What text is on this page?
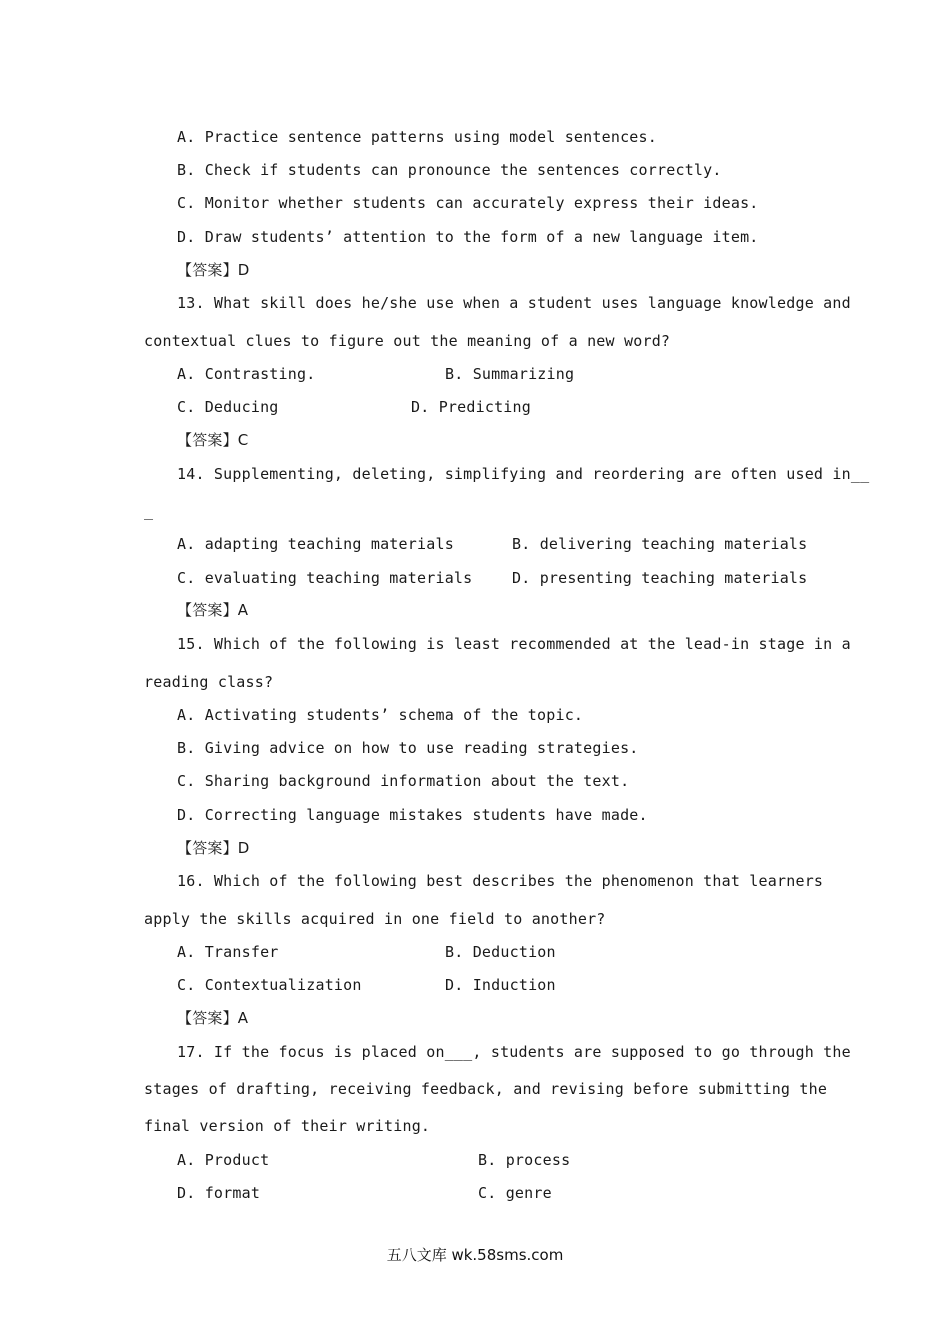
A. Practice sentence patterns using model sentences.
B. Check if students can pronounce the sentences correctly.
C. Monitor whether students can accurately express their ideas.
D. Draw students’ attention to the form of a new language item.
【答案】D
13. What skill does he/she use when a student uses language knowledge and
contextual clues to figure out the meaning of a new word?
A. Contrasting.	B. Summarizing
C. Deducing	D. Predicting
【答案】C
14. Supplementing, deleting, simplifying and reordering are often used in__
_
A. adapting teaching materials	B. delivering teaching materials
C. evaluating teaching materials	D. presenting teaching materials
【答案】A
15. Which of the following is least recommended at the lead-in stage in a
reading class?
A. Activating students’ schema of the topic.
B. Giving advice on how to use reading strategies.
C. Sharing background information about the text.
D. Correcting language mistakes students have made.
【答案】D
16. Which of the following best describes the phenomenon that learners
apply the skills acquired in one field to another?
A. Transfer	B. Deduction
C. Contextualization	D. Induction
【答案】A
17. If the focus is placed on___, students are supposed to go through the
stages of drafting, receiving feedback, and revising before submitting the
final version of their writing.
A. Product	B. process
D. format	C. genre
五八文库 wk.58sms.com
